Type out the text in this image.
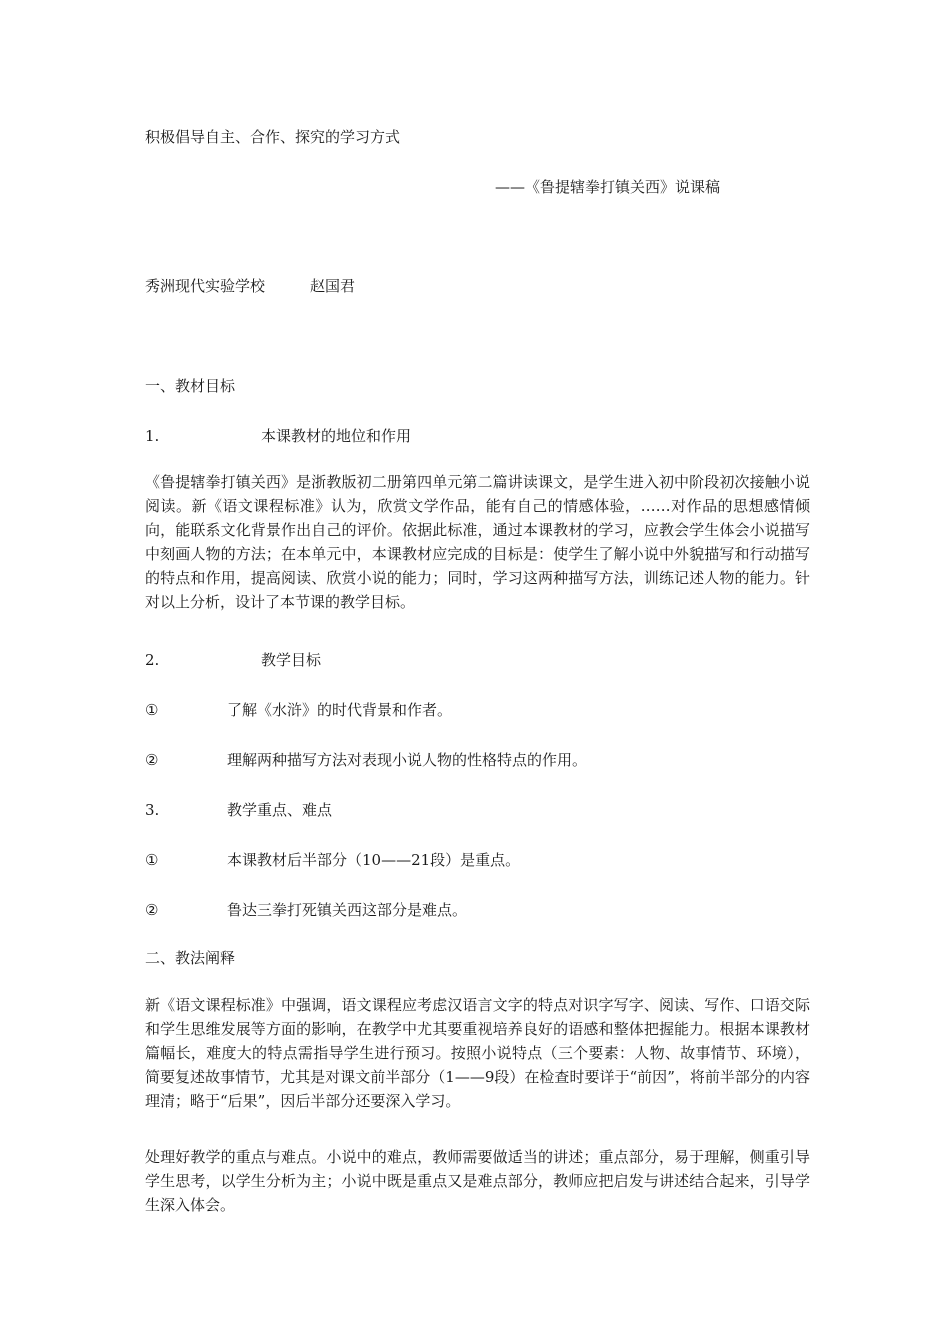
积极倡导自主、合作、探究的学习方式
——《鲁提辖拳打镇关西》说课稿
秀洲现代实验学校	赵国君
一、教材目标
1.	本课教材的地位和作用
《鲁提辖拳打镇关西》是浙教版初二册第四单元第二篇讲读课文，是学生进入初中阶段初次接触小说阅读。新《语文课程标准》认为，欣赏文学作品，能有自己的情感体验，……对作品的思想感情倾向，能联系文化背景作出自己的评价。依据此标准，通过本课教材的学习，应教会学生体会小说描写中刻画人物的方法；在本单元中，本课教材应完成的目标是：使学生了解小说中外貌描写和行动描写的特点和作用，提高阅读、欣赏小说的能力；同时，学习这两种描写方法，训练记述人物的能力。针对以上分析，设计了本节课的教学目标。
2.	教学目标
①	了解《水浒》的时代背景和作者。
②	理解两种描写方法对表现小说人物的性格特点的作用。
3.	教学重点、难点
①	本课教材后半部分（10——21段）是重点。
②	鲁达三拳打死镇关西这部分是难点。
二、教法阐释
新《语文课程标准》中强调，语文课程应考虑汉语言文字的特点对识字写字、阅读、写作、口语交际和学生思维发展等方面的影响，在教学中尤其要重视培养良好的语感和整体把握能力。根据本课教材篇幅长，难度大的特点需指导学生进行预习。按照小说特点（三个要素：人物、故事情节、环境），简要复述故事情节，尤其是对课文前半部分（1——9段）在检查时要详于“前因”，将前半部分的内容理清；略于“后果”，因后半部分还要深入学习。
处理好教学的重点与难点。小说中的难点，教师需要做适当的讲述；重点部分，易于理解，侧重引导学生思考，以学生分析为主；小说中既是重点又是难点部分，教师应把启发与讲述结合起来，引导学生深入体会。
